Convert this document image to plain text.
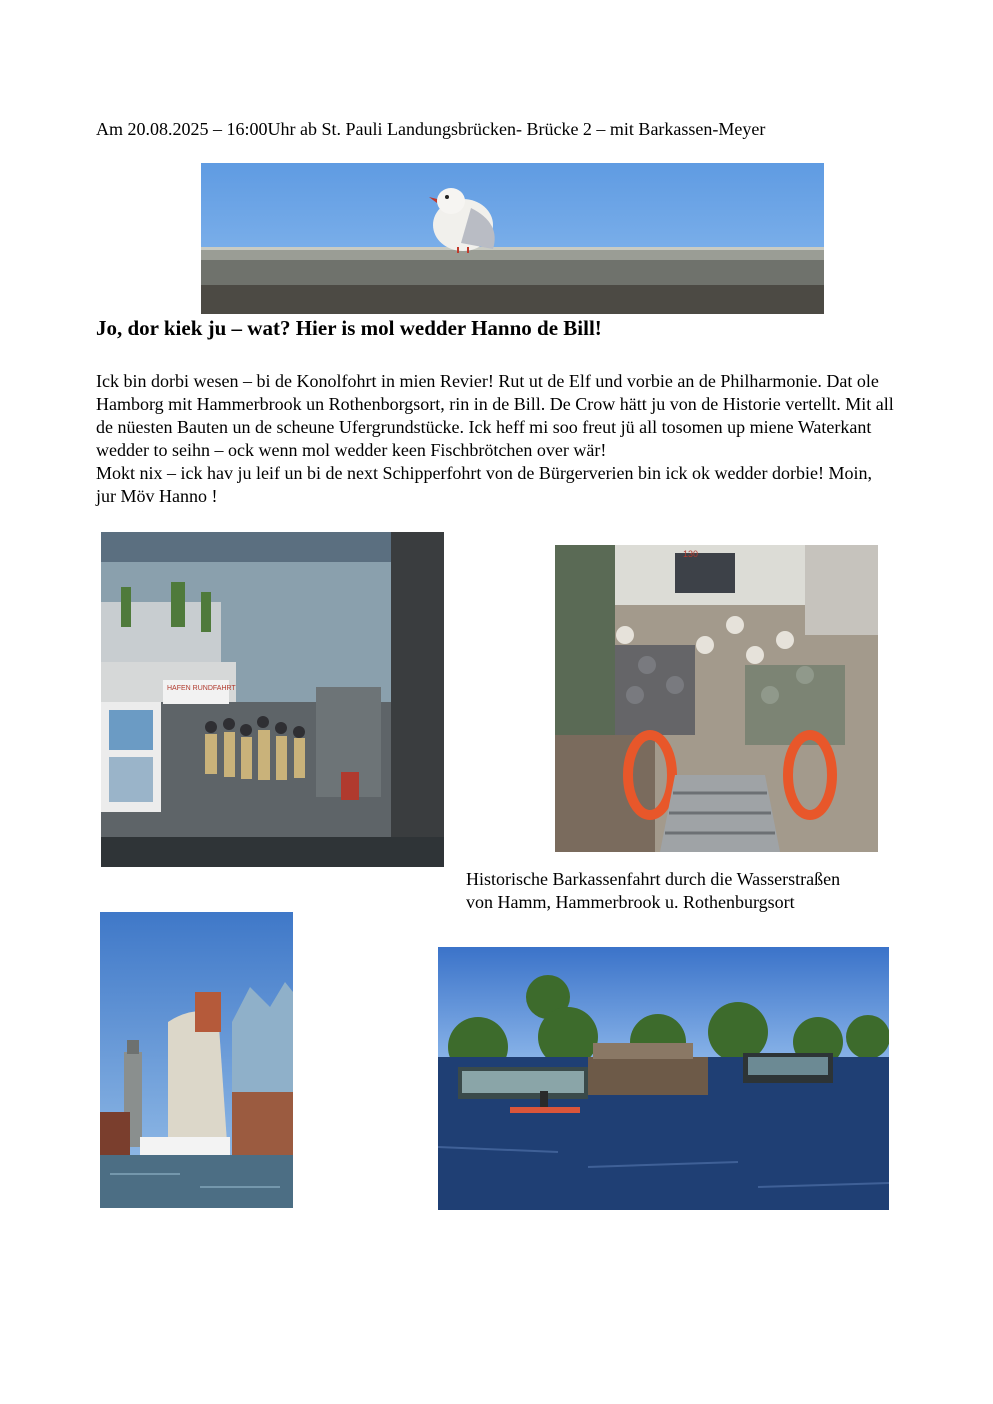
Am 20.08.2025 – 16:00Uhr ab St. Pauli Landungsbrücken- Brücke 2 – mit Barkassen-Meyer
Jo, dor kiek ju – wat? Hier is mol wedder Hanno de Bill!

Ick bin dorbi wesen – bi de Konolfohrt in mien Revier! Rut ut de Elf und vorbie an de Philharmonie. Dat ole Hamborg mit Hammerbrook un Rothenborgsort, rin in de Bill. De Crow hätt ju von de Historie vertellt. Mit all de nüesten Bauten un de scheune Ufergrundstücke. Ick heff mi soo freut jü all tosomen up miene Waterkant wedder to seihn – ock wenn mol wedder keen Fischbrötchen over wär!

Mokt nix – ick hav ju leif un bi de next Schipperfohrt von de Bürgerverien bin ick ok wedder dorbie! Moin, jur Möv Hanno !

HAFEN RUNDFAHRT
130
Historische Barkassenfahrt durch die Wasserstraßen
von Hamm, Hammerbrook u. Rothenburgsort
